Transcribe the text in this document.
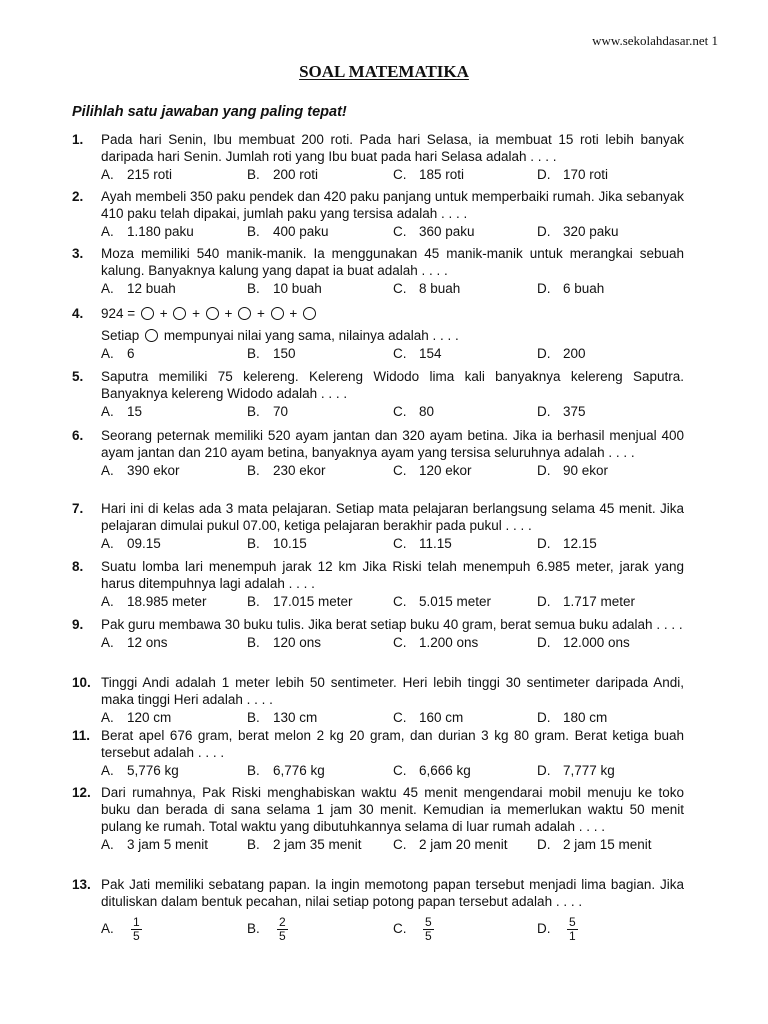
www.sekolahdasar.net 1
SOAL MATEMATIKA
Pilihlah satu jawaban yang paling tepat!
1.	Pada hari Senin, Ibu membuat 200 roti. Pada hari Selasa, ia membuat 15 roti lebih banyak daripada hari Senin. Jumlah roti yang Ibu buat pada hari Selasa adalah . . . .
A. 215 roti	B. 200 roti	C. 185 roti	D. 170 roti
2.	Ayah membeli 350 paku pendek dan 420 paku panjang untuk memperbaiki rumah. Jika sebanyak 410 paku telah dipakai, jumlah paku yang tersisa adalah . . . .
A. 1.180 paku	B. 400 paku	C. 360 paku	D. 320 paku
3.	Moza memiliki 540 manik-manik. Ia menggunakan 45 manik-manik untuk merangkai sebuah kalung. Banyaknya kalung yang dapat ia buat adalah . . . .
A. 12 buah	B. 10 buah	C. 8 buah	D. 6 buah
4.	924 = + + + + +
Setiap mempunyai nilai yang sama, nilainya adalah . . . .
A. 6	B. 150	C. 154	D. 200
5.	Saputra memiliki 75 kelereng. Kelereng Widodo lima kali banyaknya kelereng Saputra. Banyaknya kelereng Widodo adalah . . . .
A. 15	B. 70	C. 80	D. 375
6.	Seorang peternak memiliki 520 ayam jantan dan 320 ayam betina. Jika ia berhasil menjual 400 ayam jantan dan 210 ayam betina, banyaknya ayam yang tersisa seluruhnya adalah . . . .
A. 390 ekor	B. 230 ekor	C. 120 ekor	D. 90 ekor
7.	Hari ini di kelas ada 3 mata pelajaran. Setiap mata pelajaran berlangsung selama 45 menit. Jika pelajaran dimulai pukul 07.00, ketiga pelajaran berakhir pada pukul . . . .
A. 09.15	B. 10.15	C. 11.15	D. 12.15
8.	Suatu lomba lari menempuh jarak 12 km Jika Riski telah menempuh 6.985 meter, jarak yang harus ditempuhnya lagi adalah . . . .
A. 18.985 meter	B. 17.015 meter	C. 5.015 meter	D. 1.717 meter
9.	Pak guru membawa 30 buku tulis. Jika berat setiap buku 40 gram, berat semua buku adalah . . . .
A. 12 ons	B. 120 ons	C. 1.200 ons	D. 12.000 ons
10. Tinggi Andi adalah 1 meter lebih 50 sentimeter. Heri lebih tinggi 30 sentimeter daripada Andi, maka tinggi Heri adalah . . . .
A. 120 cm	B. 130 cm	C. 160 cm	D. 180 cm
11. Berat apel 676 gram, berat melon 2 kg 20 gram, dan durian 3 kg 80 gram. Berat ketiga buah tersebut adalah . . . .
A. 5,776 kg	B. 6,776 kg	C. 6,666 kg	D. 7,777 kg
12. Dari rumahnya, Pak Riski menghabiskan waktu 45 menit mengendarai mobil menuju ke toko buku dan berada di sana selama 1 jam 30 menit. Kemudian ia memerlukan waktu 50 menit pulang ke rumah. Total waktu yang dibutuhkannya selama di luar rumah adalah . . . .
A. 3 jam 5 menit	B. 2 jam 35 menit C. 2 jam 20 menit D. 2 jam 15 menit
13. Pak Jati memiliki sebatang papan. Ia ingin memotong papan tersebut menjadi lima bagian. Jika dituliskan dalam bentuk pecahan, nilai setiap potong papan tersebut adalah . . . .
A. $\frac{1}{5}$	B. $\frac{2}{5}$	C. $\frac{5}{5}$	D. $\frac{5}{1}$
